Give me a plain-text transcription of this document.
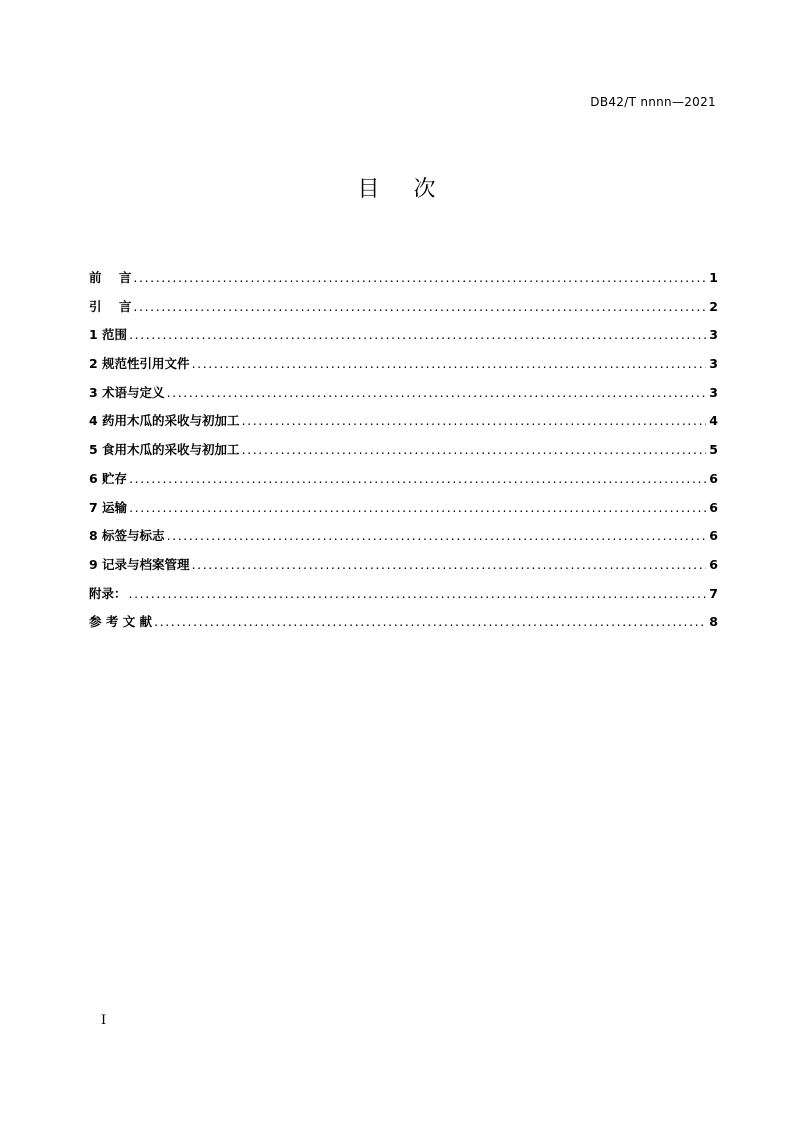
DB42/T nnnn—2021
目次
前    言 .....	1
引    言 .....	2
1 范围 .....	3
2 规范性引用文件 .....	3
3 术语与定义 .....	3
4 药用木瓜的采收与初加工 .....	4
5 食用木瓜的采收与初加工 .....	5
6 贮存 .....	6
7 运输 .....	6
8 标签与标志 .....	6
9 记录与档案管理 .....	6
附录： .....	7
参 考 文 献 .....	8
I
